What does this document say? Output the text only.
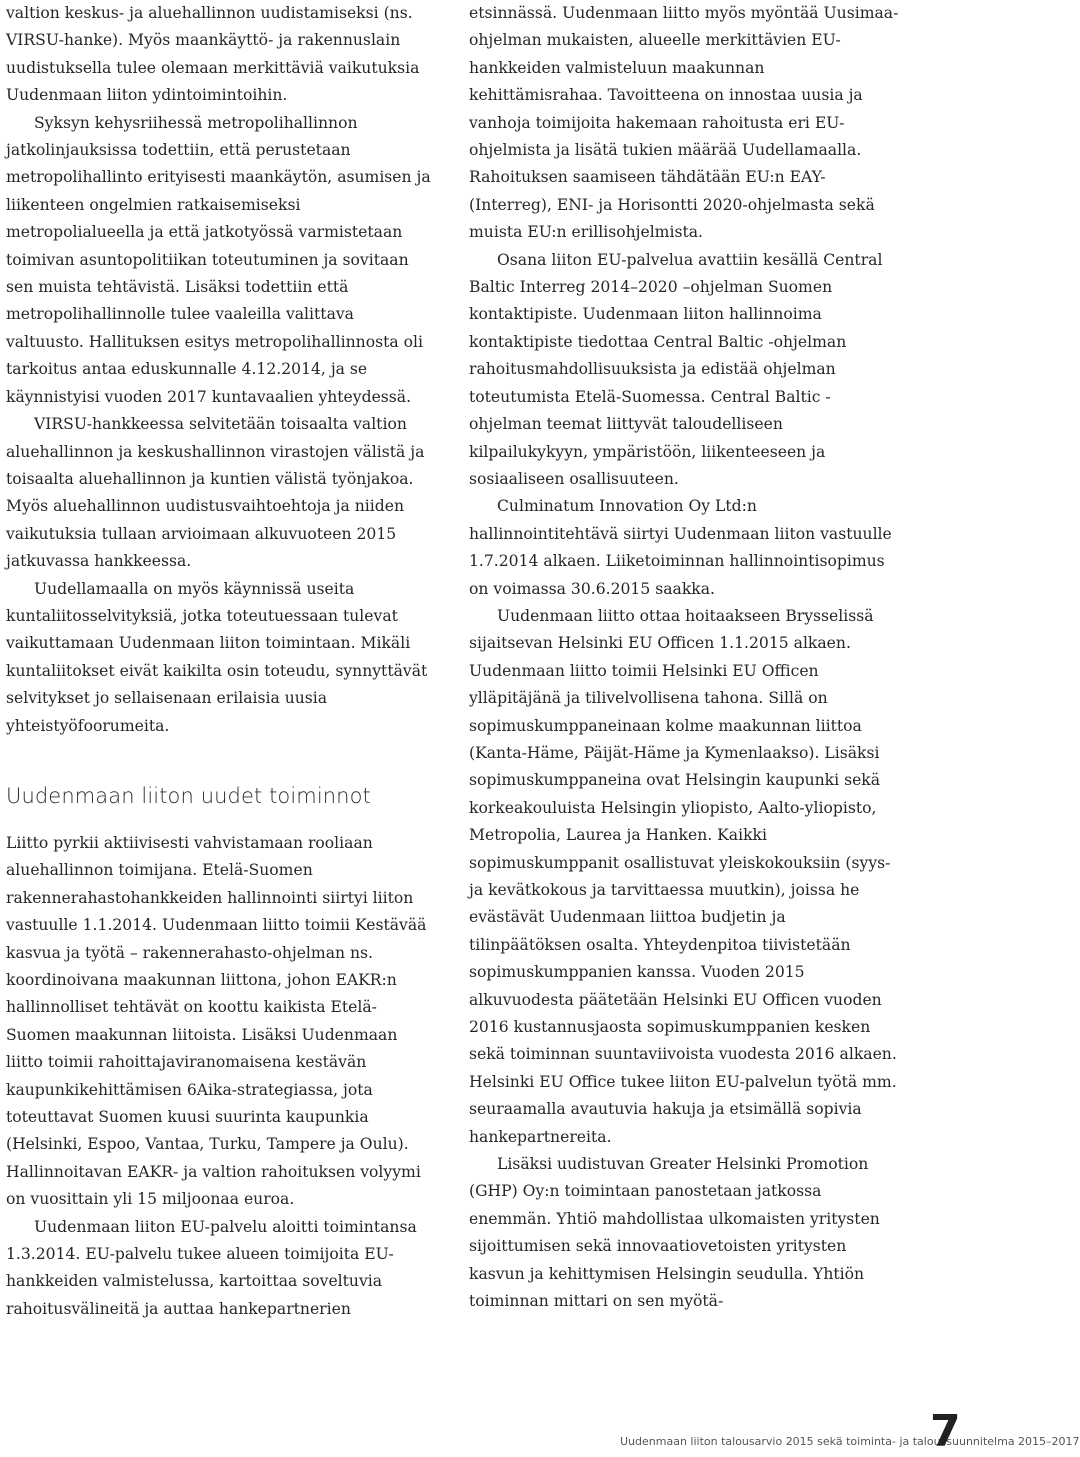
valtion keskus- ja aluehallinnon uudistamiseksi (ns. VIRSU-hanke). Myös maankäyttö- ja rakennuslain uudistuksella tulee olemaan merkittäviä vaikutuksia Uudenmaan liiton ydintoimintoihin.

Syksyn kehysriihessä metropolihallinnon jatkolinjauksissa todettiin, että perustetaan metropolihallinto erityisesti maankäytön, asumisen ja liikenteen ongelmien ratkaisemiseksi metropolialueella ja että jatkotyössä varmistetaan toimivan asuntopolitiikan toteutuminen ja sovitaan sen muista tehtävistä. Lisäksi todettiin että metropolihallinnolle tulee vaaleilla valittava valtuusto. Hallituksen esitys metropolihallinnosta oli tarkoitus antaa eduskunnalle 4.12.2014, ja se käynnistyisi vuoden 2017 kuntavaalien yhteydessä.

VIRSU-hankkeessa selvitetään toisaalta valtion aluehallinnon ja keskushallinnon virastojen välistä ja toisaalta aluehallinnon ja kuntien välistä työnjakoa. Myös aluehallinnon uudistusvaihtoehtoja ja niiden vaikutuksia tullaan arvioimaan alkuvuoteen 2015 jatkuvassa hankkeessa.

Uudellamaalla on myös käynnissä useita kuntaliitosselvityksiä, jotka toteutuessaan tulevat vaikuttamaan Uudenmaan liiton toimintaan. Mikäli kuntaliitokset eivät kaikilta osin toteudu, synnyttävät selvitykset jo sellaisenaan erilaisia uusia yhteistyöfoorumeita.

Uudenmaan liiton uudet toiminnot

Liitto pyrkii aktiivisesti vahvistamaan rooliaan aluehallinnon toimijana. Etelä-Suomen rakennerahastohankkeiden hallinnointi siirtyi liiton vastuulle 1.1.2014. Uudenmaan liitto toimii Kestävää kasvua ja työtä – rakennerahasto-ohjelman ns. koordinoivana maakunnan liittona, johon EAKR:n hallinnolliset tehtävät on koottu kaikista Etelä-Suomen maakunnan liitoista. Lisäksi Uudenmaan liitto toimii rahoittajaviranomaisena kestävän kaupunkikehittämisen 6Aika-strategiassa, jota toteuttavat Suomen kuusi suurinta kaupunkia (Helsinki, Espoo, Vantaa, Turku, Tampere ja Oulu). Hallinnoitavan EAKR- ja valtion rahoituksen volyymi on vuosittain yli 15 miljoonaa euroa.

Uudenmaan liiton EU-palvelu aloitti toimintansa 1.3.2014. EU-palvelu tukee alueen toimijoita EU-hankkeiden valmistelussa, kartoittaa soveltuvia rahoitusvälineitä ja auttaa hankepartnerien

etsinnässä. Uudenmaan liitto myös myöntää Uusimaa-ohjelman mukaisten, alueelle merkittävien EU-hankkeiden valmisteluun maakunnan kehittämisrahaa. Tavoitteena on innostaa uusia ja vanhoja toimijoita hakemaan rahoitusta eri EU-ohjelmista ja lisätä tukien määrää Uudellamaalla. Rahoituksen saamiseen tähdätään EU:n EAY- (Interreg), ENI- ja Horisontti 2020-ohjelmasta sekä muista EU:n erillisohjelmista.

Osana liiton EU-palvelua avattiin kesällä Central Baltic Interreg 2014–2020 –ohjelman Suomen kontaktipiste. Uudenmaan liiton hallinnoima kontaktipiste tiedottaa Central Baltic -ohjelman rahoitusmahdollisuuksista ja edistää ohjelman toteutumista Etelä-Suomessa. Central Baltic -ohjelman teemat liittyvät taloudelliseen kilpailukykyyn, ympäristöön, liikenteeseen ja sosiaaliseen osallisuuteen.

Culminatum Innovation Oy Ltd:n hallinnointitehtävä siirtyi Uudenmaan liiton vastuulle 1.7.2014 alkaen. Liiketoiminnan hallinnointisopimus on voimassa 30.6.2015 saakka.

Uudenmaan liitto ottaa hoitaakseen Brysselissä sijaitsevan Helsinki EU Officen 1.1.2015 alkaen. Uudenmaan liitto toimii Helsinki EU Officen ylläpitäjänä ja tilivelvollisena tahona. Sillä on sopimuskumppaneinaan kolme maakunnan liittoa (Kanta-Häme, Päijät-Häme ja Kymenlaakso). Lisäksi sopimuskumppaneina ovat Helsingin kaupunki sekä korkeakouluista Helsingin yliopisto, Aalto-yliopisto, Metropolia, Laurea ja Hanken. Kaikki sopimuskumppanit osallistuvat yleiskokouksiin (syys- ja kevätkokous ja tarvittaessa muutkin), joissa he evästävät Uudenmaan liittoa budjetin ja tilinpäätöksen osalta. Yhteydenpitoa tiivistetään sopimuskumppanien kanssa. Vuoden 2015 alkuvuodesta päätetään Helsinki EU Officen vuoden 2016 kustannusjaosta sopimuskumppanien kesken sekä toiminnan suuntaviivoista vuodesta 2016 alkaen. Helsinki EU Office tukee liiton EU-palvelun työtä mm. seuraamalla avautuvia hakuja ja etsimällä sopivia hankepartnereita.

Lisäksi uudistuvan Greater Helsinki Promotion (GHP) Oy:n toimintaan panostetaan jatkossa enemmän. Yhtiö mahdollistaa ulkomaisten yritysten sijoittumisen sekä innovaatiovetoisten yritysten kasvun ja kehittymisen Helsingin seudulla. Yhtiön toiminnan mittari on sen myötä-

Uudenmaan liiton talousarvio 2015 sekä toiminta- ja taloussuunnitelma 2015–2017
7
